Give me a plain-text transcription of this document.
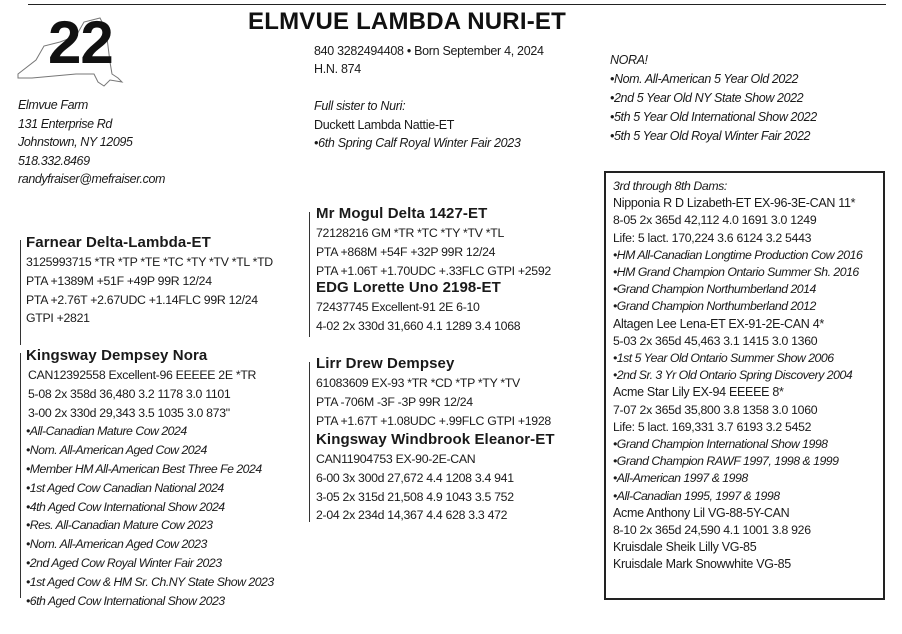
22	ELMVUE LAMBDA NURI-ET
840 3282494408 • Born September 4, 2024
H.N. 874
Elmvue Farm
131 Enterprise Rd
Johnstown, NY 12095
518.332.8469
randyfraiser@mefraiser.com
Full sister to Nuri:
Duckett Lambda Nattie-ET
•6th Spring Calf Royal Winter Fair 2023
NORA!
•Nom. All-American 5 Year Old 2022
•2nd 5 Year Old NY State Show 2022
•5th 5 Year Old International Show 2022
•5th 5 Year Old Royal Winter Fair 2022
Farnear Delta-Lambda-ET
3125993715 *TR *TP *TE *TC *TY *TV *TL *TD
PTA +1389M +51F +49P 99R 12/24
PTA +2.76T +2.67UDC +1.14FLC 99R 12/24
GTPI +2821
Kingsway Dempsey Nora
CAN12392558 Excellent-96 EEEEE 2E *TR
5-08 2x 358d 36,480 3.2 1178 3.0 1101
3-00 2x 330d 29,343 3.5 1035 3.0 873"
•All-Canadian Mature Cow 2024
•Nom. All-American Aged Cow 2024
•Member HM All-American Best Three Fe 2024
•1st Aged Cow Canadian National 2024
•4th Aged Cow International Show 2024
•Res. All-Canadian Mature Cow 2023
•Nom. All-American Aged Cow 2023
•2nd Aged Cow Royal Winter Fair 2023
•1st Aged Cow & HM Sr. Ch.NY State Show 2023
•6th Aged Cow International Show 2023
Mr Mogul Delta 1427-ET
72128216 GM *TR *TC *TY *TV *TL
PTA +868M +54F +32P 99R 12/24
PTA +1.06T +1.70UDC +.33FLC GTPI +2592
EDG Lorette Uno 2198-ET
72437745 Excellent-91 2E 6-10
4-02 2x 330d 31,660 4.1 1289 3.4 1068
Lirr Drew Dempsey
61083609 EX-93 *TR *CD *TP *TY *TV
PTA -706M -3F -3P 99R 12/24
PTA +1.67T +1.08UDC +.99FLC GTPI +1928
Kingsway Windbrook Eleanor-ET
CAN11904753 EX-90-2E-CAN
6-00 3x 300d 27,672 4.4 1208 3.4 941
3-05 2x 315d 21,508 4.9 1043 3.5 752
2-04 2x 234d 14,367 4.4 628 3.3 472
3rd through 8th Dams:
Nipponia R D Lizabeth-ET EX-96-3E-CAN 11*
8-05 2x 365d 42,112 4.0 1691 3.0 1249
Life: 5 lact. 170,224 3.6 6124 3.2 5443
•HM All-Canadian Longtime Production Cow 2016
•HM Grand Champion Ontario Summer Sh. 2016
•Grand Champion Northumberland 2014
•Grand Champion Northumberland 2012
Altagen Lee Lena-ET EX-91-2E-CAN 4*
5-03 2x 365d 45,463 3.1 1415 3.0 1360
•1st 5 Year Old Ontario Summer Show 2006
•2nd Sr. 3 Yr Old Ontario Spring Discovery 2004
Acme Star Lily EX-94 EEEEE 8*
7-07 2x 365d 35,800 3.8 1358 3.0 1060
Life: 5 lact. 169,331 3.7 6193 3.2 5452
•Grand Champion International Show 1998
•Grand Champion RAWF 1997, 1998 & 1999
•All-American 1997 & 1998
•All-Canadian 1995, 1997 & 1998
Acme Anthony Lil VG-88-5Y-CAN
8-10 2x 365d 24,590 4.1 1001 3.8 926
Kruisdale Sheik Lilly VG-85
Kruisdale Mark Snowwhite VG-85
